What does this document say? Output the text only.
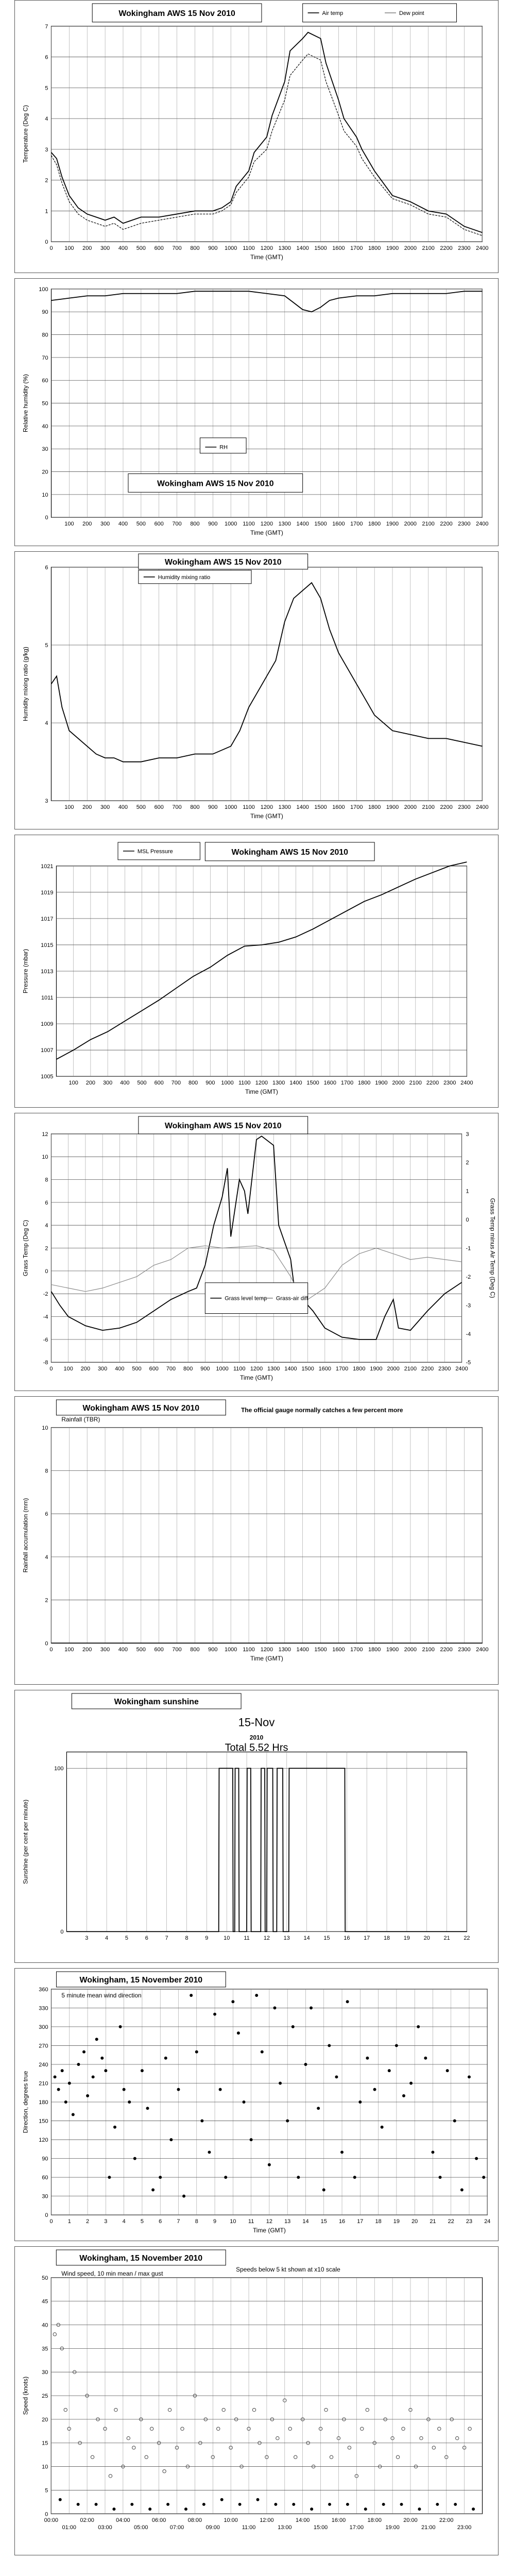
0 100 200 300 400 500 600 700 800 900 1000 1100 1200 1300 1400 1500 1600 1700 1800 1900 2000 2100 2200 2300 2400
0
1
2
3
4
5
6
7
Time (GMT)
Temperature (Deg C)
Wokingham AWS 15 Nov 2010	Air temp	Dew point
100 200 300 400 500 600 700 800 900 1000 1100 1200 1300 1400 1500 1600 1700 1800 1900 2000 2100 2200 2300 2400
0
10
20
30
40
50
60
70
80
90
100
Time (GMT)
Relative humidity (%)
Wokingham AWS 15 Nov 2010
RH
100 200 300 400 500 600 700 800 900 1000 1100 1200 1300 1400 1500 1600 1700 1800 1900 2000 2100 2200 2300 2400
3
4
5
6
Time (GMT)
Humidity mixing ratio (g/kg)
Wokingham AWS 15 Nov 2010
Humidity mixing ratio
100 200 300 400 500 600 700 800 900 1000 1100 1200 1300 1400 1500 1600 1700 1800 1900 2000 2100 2200 2300 2400
1005
1007
1009
1011
1013
1015
1017
1019
1021
Time (GMT)
Pressure (mbar)
Wokingham AWS 15 Nov 2010
MSL Pressure
0 100 200 300 400 500 600 700 800 900 1000 1100 1200 1300 1400 1500 1600 1700 1800 1900 2000 2100 2200 2300 2400
-8
-6
-4
-2
0
2
4
6
8
10
12
-5
-4
-3
-2
-1
0
1
2
3
Grass Temp minus Air Temp (Deg C)
Time (GMT)
Grass Temp (Deg C)
Wokingham AWS 15 Nov 2010
Grass level temp Grass-air diff
0 100 200 300 400 500 600 700 800 900 1000 1100 1200 1300 1400 1500 1600 1700 1800 1900 2000 2100 2200 2300 2400
0
2
4
6
8
10
Time (GMT)
Rainfall accumulation (mm)
Wokingham AWS 15 Nov 2010
Rainfall (TBR)
The official gauge normally catches a few percent more
3	4	5	6	7	8	9	10 11 12 13 14 15 16 17 18 19 20 21 22
0
100
Sunshine (per cent per minute)
Wokingham sunshine
15-Nov
2010
Total 5.52 Hrs
0	1	2	3	4	5	6	7	8	9 10 11 12 13 14 15 16 17 18 19 20 21 22 23 24
0
30
60
90
120
150
180
210
240
270
300
330
360
Time (GMT)
Direction, degrees true
Wokingham, 15 November 2010
5 minute mean wind direction
00:00
01:00
02:00
03:00
04:00
05:00
06:00
07:00
08:00
09:00
10:00
11:00
12:00
13:00
14:00
15:00
16:00
17:00
18:00
19:00
20:00
21:00
22:00
23:00
0
5
10
15
20
25
30
35
40
45
50
Speed (knots)
Wokingham, 15 November 2010
Wind speed, 10 min mean / max gust
Speeds below 5 kt shown at x10 scale
